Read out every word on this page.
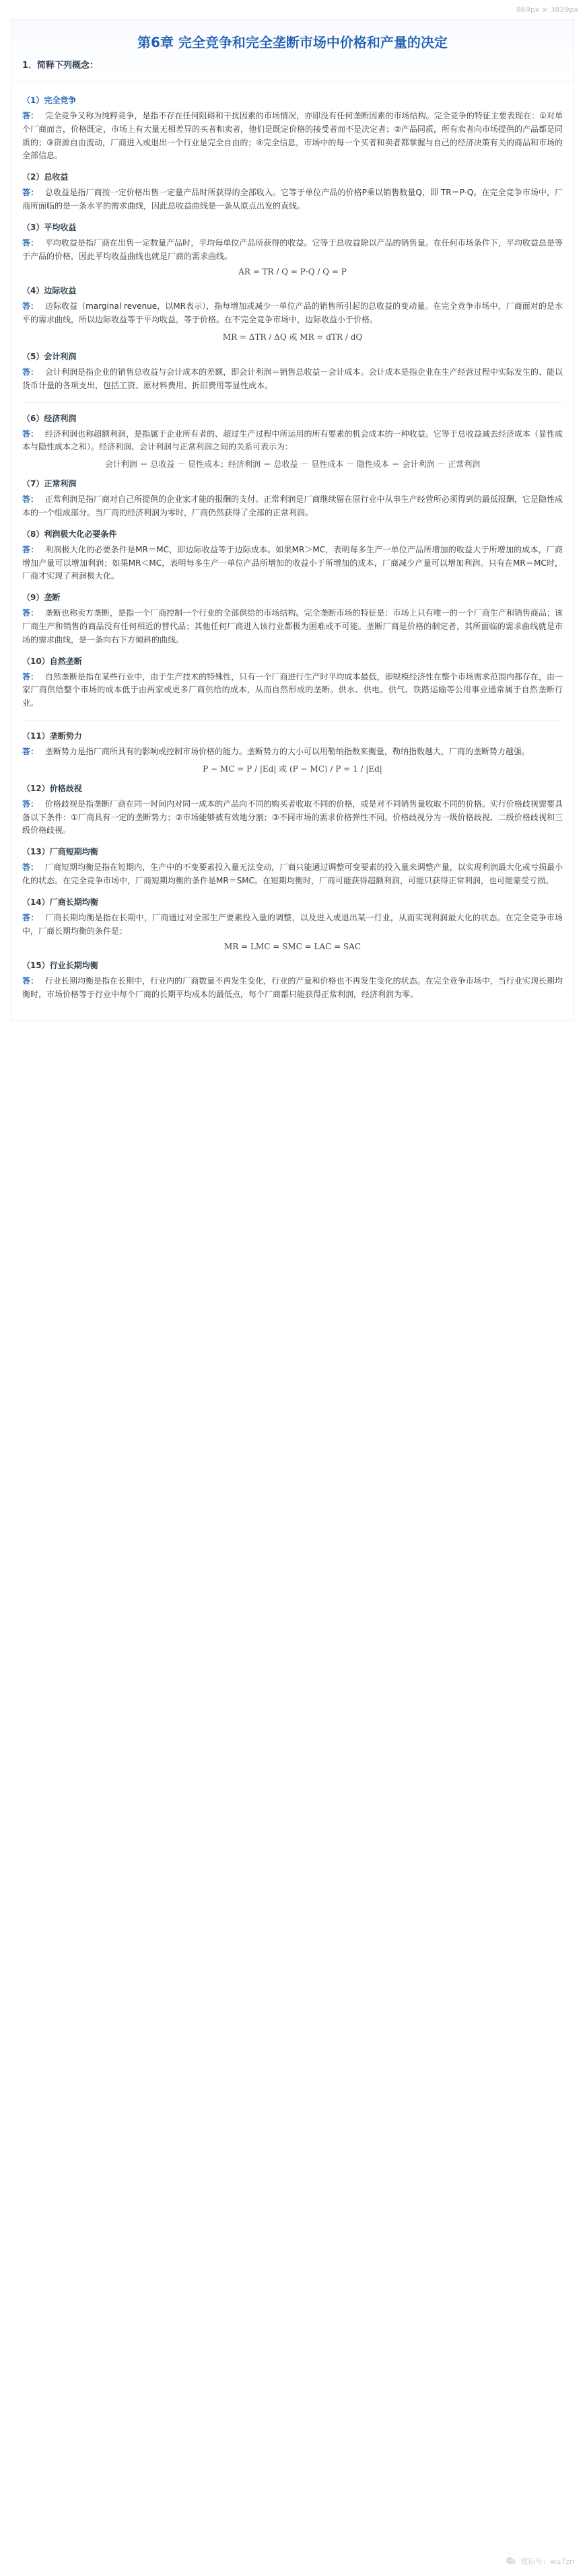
869px × 3829px
第6章 完全竞争和完全垄断市场中价格和产量的决定
1．简释下列概念：
（1）完全竞争
答： 完全竞争又称为纯粹竞争，是指不存在任何阻碍和干扰因素的市场情况，亦即没有任何垄断因素的市场结构。完全竞争的特征主要表现在：①对单个厂商而言，价格既定，市场上有大量无相差异的买者和卖者，他们是既定价格的接受者而不是决定者；②产品同质，所有卖者向市场提供的产品都是同质的；③资源自由流动，厂商进入或退出一个行业是完全自由的；④完全信息，市场中的每一个买者和卖者都掌握与自己的经济决策有关的商品和市场的全部信息。
（2）总收益
答： 总收益是指厂商按一定价格出售一定量产品时所获得的全部收入。它等于单位产品的价格P乘以销售数量Q，即 TR＝P·Q。在完全竞争市场中，厂商所面临的是一条水平的需求曲线，因此总收益曲线是一条从原点出发的直线。
（3）平均收益
答： 平均收益是指厂商在出售一定数量产品时，平均每单位产品所获得的收益。它等于总收益除以产品的销售量。在任何市场条件下，平均收益总是等于产品的价格，因此平均收益曲线也就是厂商的需求曲线。
AR = TR / Q = P·Q / Q = P
（4）边际收益
答： 边际收益（marginal revenue，以MR表示），指每增加或减少一单位产品的销售所引起的总收益的变动量。在完全竞争市场中，厂商面对的是水平的需求曲线，所以边际收益等于平均收益，等于价格。在不完全竞争市场中，边际收益小于价格。
MR = ΔTR / ΔQ 或 MR = dTR / dQ
（5）会计利润
答： 会计利润是指企业的销售总收益与会计成本的差额，即会计利润＝销售总收益－会计成本。会计成本是指企业在生产经营过程中实际发生的、能以货币计量的各项支出，包括工资、原材料费用、折旧费用等显性成本。
（6）经济利润
答： 经济利润也称超额利润，是指属于企业所有者的、超过生产过程中所运用的所有要素的机会成本的一种收益。它等于总收益减去经济成本（显性成本与隐性成本之和）。经济利润、会计利润与正常利润之间的关系可表示为：
会计利润 ＝ 总收益 － 显性成本；经济利润 ＝ 总收益 － 显性成本 － 隐性成本 ＝ 会计利润 － 正常利润
（7）正常利润
答： 正常利润是指厂商对自己所提供的企业家才能的报酬的支付。正常利润是厂商继续留在原行业中从事生产经营所必须得到的最低报酬，它是隐性成本的一个组成部分。当厂商的经济利润为零时，厂商仍然获得了全部的正常利润。
（8）利润极大化必要条件
答： 利润极大化的必要条件是MR＝MC，即边际收益等于边际成本。如果MR＞MC，表明每多生产一单位产品所增加的收益大于所增加的成本，厂商增加产量可以增加利润；如果MR＜MC，表明每多生产一单位产品所增加的收益小于所增加的成本，厂商减少产量可以增加利润。只有在MR＝MC时，厂商才实现了利润极大化。
（9）垄断
答： 垄断也称卖方垄断，是指一个厂商控制一个行业的全部供给的市场结构。完全垄断市场的特征是：市场上只有唯一的一个厂商生产和销售商品；该厂商生产和销售的商品没有任何相近的替代品；其他任何厂商进入该行业都极为困难或不可能。垄断厂商是价格的制定者，其所面临的需求曲线就是市场的需求曲线，是一条向右下方倾斜的曲线。
（10）自然垄断
答： 自然垄断是指在某些行业中，由于生产技术的特殊性，只有一个厂商进行生产时平均成本最低，即规模经济性在整个市场需求范围内都存在，由一家厂商供给整个市场的成本低于由两家或更多厂商供给的成本，从而自然形成的垄断。供水、供电、供气、铁路运输等公用事业通常属于自然垄断行业。
（11）垄断势力
答： 垄断势力是指厂商所具有的影响或控制市场价格的能力。垄断势力的大小可以用勒纳指数来衡量，勒纳指数越大，厂商的垄断势力越强。
P − MC = P / |Ed| 或 (P − MC) / P = 1 / |Ed|
（12）价格歧视
答： 价格歧视是指垄断厂商在同一时间内对同一成本的产品向不同的购买者收取不同的价格，或是对不同销售量收取不同的价格。实行价格歧视需要具备以下条件：①厂商具有一定的垄断势力；②市场能够被有效地分割；③不同市场的需求价格弹性不同。价格歧视分为一级价格歧视、二级价格歧视和三级价格歧视。
（13）厂商短期均衡
答： 厂商短期均衡是指在短期内，生产中的不变要素投入量无法变动，厂商只能通过调整可变要素的投入量来调整产量，以实现利润最大化或亏损最小化的状态。在完全竞争市场中，厂商短期均衡的条件是MR＝SMC。在短期均衡时，厂商可能获得超额利润，可能只获得正常利润，也可能蒙受亏损。
（14）厂商长期均衡
答： 厂商长期均衡是指在长期中，厂商通过对全部生产要素投入量的调整，以及进入或退出某一行业，从而实现利润最大化的状态。在完全竞争市场中，厂商长期均衡的条件是：
MR = LMC = SMC = LAC = SAC
（15）行业长期均衡
答： 行业长期均衡是指在长期中，行业内的厂商数量不再发生变化，行业的产量和价格也不再发生变化的状态。在完全竞争市场中，当行业实现长期均衡时，市场价格等于行业中每个厂商的长期平均成本的最低点，每个厂商都只能获得正常利润，经济利润为零。
微信号：wu7zn
